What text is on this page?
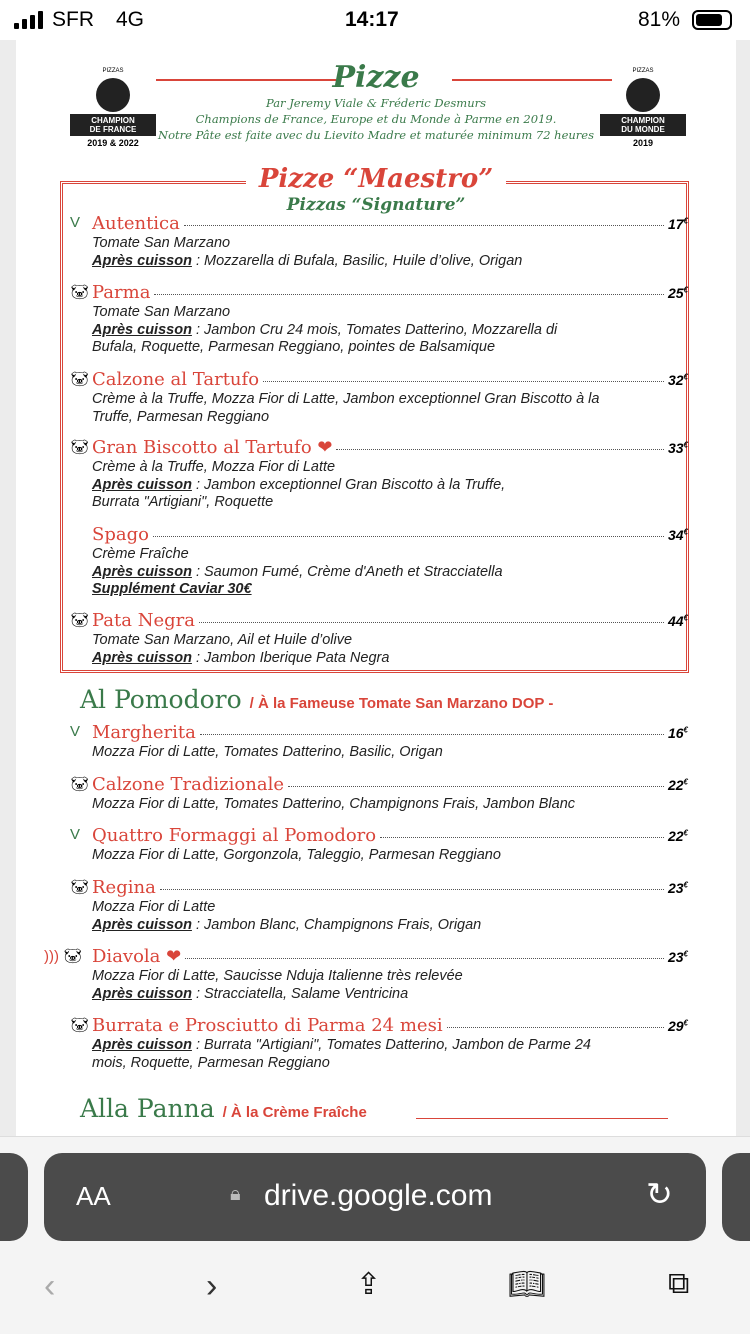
SFR 4G	14:17	81%
PIZZAS
CHAMPION
DE FRANCE
2019 & 2022
PIZZAS
CHAMPION
DU MONDE
2019
Pizze
Par Jeremy Viale & Fréderic Desmurs
Champions de France, Europe et du Monde à Parme en 2019.
Notre Pâte est faite avec du Lievito Madre et maturée minimum 72 heures
Pizze “Maestro”
Pizzas “Signature”
V Autentica	17€
Tomate San Marzano
Après cuisson : Mozzarella di Bufala, Basilic, Huile d’olive, Origan
🐷︎ Parma	25€
Tomate San Marzano
Après cuisson : Jambon Cru 24 mois, Tomates Datterino, Mozzarella di
Bufala, Roquette, Parmesan Reggiano, pointes de Balsamique
🐷︎ Calzone al Tartufo	32€
Crème à la Truffe, Mozza Fior di Latte, Jambon exceptionnel Gran Biscotto à la
Truffe, Parmesan Reggiano
🐷︎ Gran Biscotto al Tartufo ❤	33€
Crème à la Truffe, Mozza Fior di Latte
Après cuisson : Jambon exceptionnel Gran Biscotto à la Truffe,
Burrata "Artigiani", Roquette
Spago	34€
Crème Fraîche
Après cuisson : Saumon Fumé, Crème d'Aneth et Stracciatella
Supplément Caviar 30€
🐷︎ Pata Negra	44€
Tomate San Marzano, Ail et Huile d’olive
Après cuisson : Jambon Iberique Pata Negra
Al Pomodoro / À la Fameuse Tomate San Marzano DOP -
V Margherita	16€
Mozza Fior di Latte, Tomates Datterino, Basilic, Origan
🐷︎ Calzone Tradizionale	22€
Mozza Fior di Latte, Tomates Datterino, Champignons Frais, Jambon Blanc
V Quattro Formaggi al Pomodoro	22€
Mozza Fior di Latte, Gorgonzola, Taleggio, Parmesan Reggiano
🐷︎ Regina	23€
Mozza Fior di Latte
Après cuisson : Jambon Blanc, Champignons Frais, Origan
))) 🐷︎ Diavola ❤	23€
Mozza Fior di Latte, Saucisse Nduja Italienne très relevée
Après cuisson : Stracciatella, Salame Ventricina
🐷︎ Burrata e Prosciutto di Parma 24 mesi	29€
Après cuisson : Burrata "Artigiani", Tomates Datterino, Jambon de Parme 24
mois, Roquette, Parmesan Reggiano
Alla Panna / À la Crème Fraîche
AA	🔒︎ drive.google.com	↻
‹	›	⇪	📖︎	⧉
